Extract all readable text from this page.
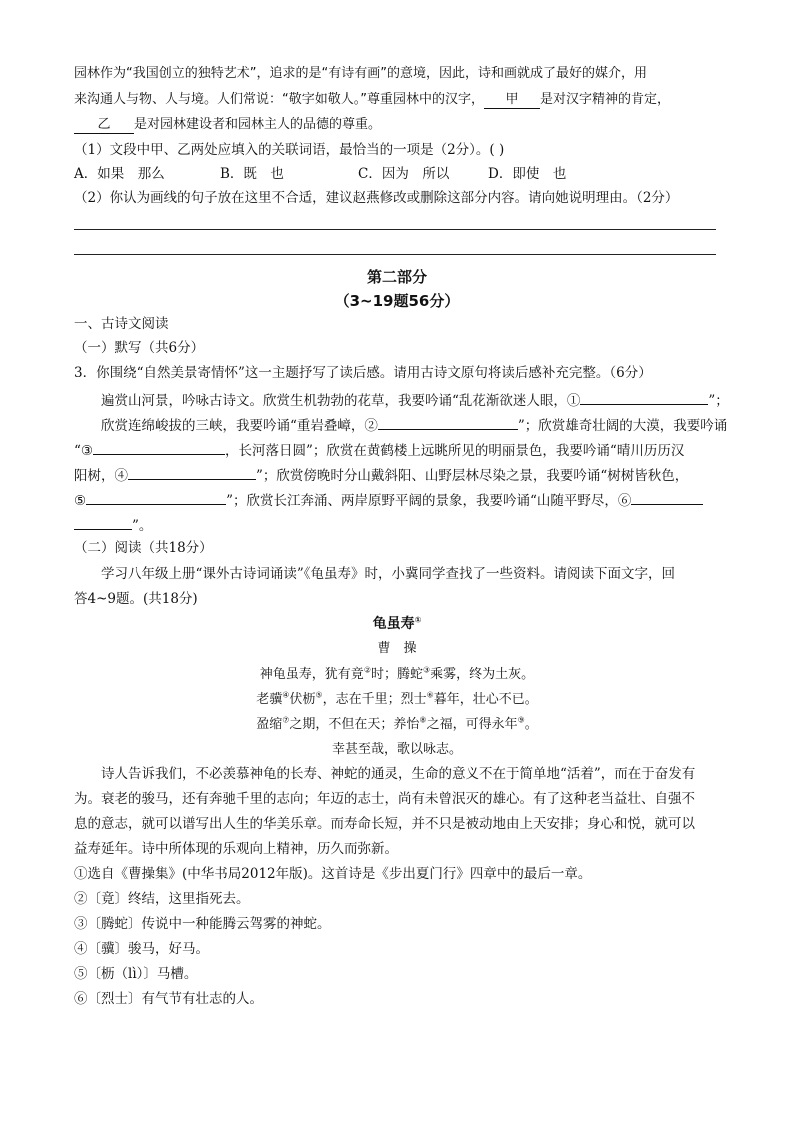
园林作为“我国创立的独特艺术”，追求的是“有诗有画”的意境，因此，诗和画就成了最好的媒介，用
来沟通人与物、人与境。人们常说：“敬字如敬人。”尊重园林中的汉字， 甲 是对汉字精神的肯定，
乙 是对园林建设者和园林主人的品德的尊重。
（1）文段中甲、乙两处应填入的关联词语，最恰当的一项是（2分）。( )
A．如果　那么	B．既　也	C．因为　所以	D．即使　也
（2）你认为画线的句子放在这里不合适，建议赵燕修改或删除这部分内容。请向她说明理由。（2分）
第二部分
（3~19题56分）
一、古诗文阅读
（一）默写（共6分）
3．你围绕“自然美景寄情怀”这一主题抒写了读后感。请用古诗文原句将读后感补充完整。（6分）
遍赏山河景，吟咏古诗文。欣赏生机勃勃的花草，我要吟诵“乱花渐欲迷人眼，①	”；
欣赏连绵峻拔的三峡，我要吟诵“重岩叠嶂，②	”；欣赏雄奇壮阔的大漠，我要吟诵
“③	，长河落日圆”；欣赏在黄鹤楼上远眺所见的明丽景色，我要吟诵“晴川历历汉
阳树，④	”；欣赏傍晚时分山戴斜阳、山野层林尽染之景，我要吟诵“树树皆秋色，
⑤	”；欣赏长江奔涌、两岸原野平阔的景象，我要吟诵“山随平野尽，⑥
”。
（二）阅读（共18分）
学习八年级上册“课外古诗词诵读”《龟虽寿》时，小冀同学查找了一些资料。请阅读下面文字，回
答4~9题。(共18分)
龟虽寿①
曹　操
神龟虽寿，犹有竟②时；腾蛇③乘雾，终为土灰。
老骥④伏枥⑤，志在千里；烈士⑥暮年，壮心不已。
盈缩⑦之期，不但在天；养怡⑧之福，可得永年⑨。
幸甚至哉，歌以咏志。
诗人告诉我们，不必羡慕神龟的长寿、神蛇的通灵，生命的意义不在于简单地“活着”，而在于奋发有
为。衰老的骏马，还有奔驰千里的志向；年迈的志士，尚有未曾泯灭的雄心。有了这种老当益壮、自强不
息的意志，就可以谱写出人生的华美乐章。而寿命长短，并不只是被动地由上天安排；身心和悦，就可以
益寿延年。诗中所体现的乐观向上精神，历久而弥新。
①选自《曹操集》(中华书局2012年版)。这首诗是《步出夏门行》四章中的最后一章。
②〔竟〕终结，这里指死去。
③〔腾蛇〕传说中一种能腾云驾雾的神蛇。
④〔骥〕骏马，好马。
⑤〔枥（lì）〕马槽。
⑥〔烈士〕有气节有壮志的人。
